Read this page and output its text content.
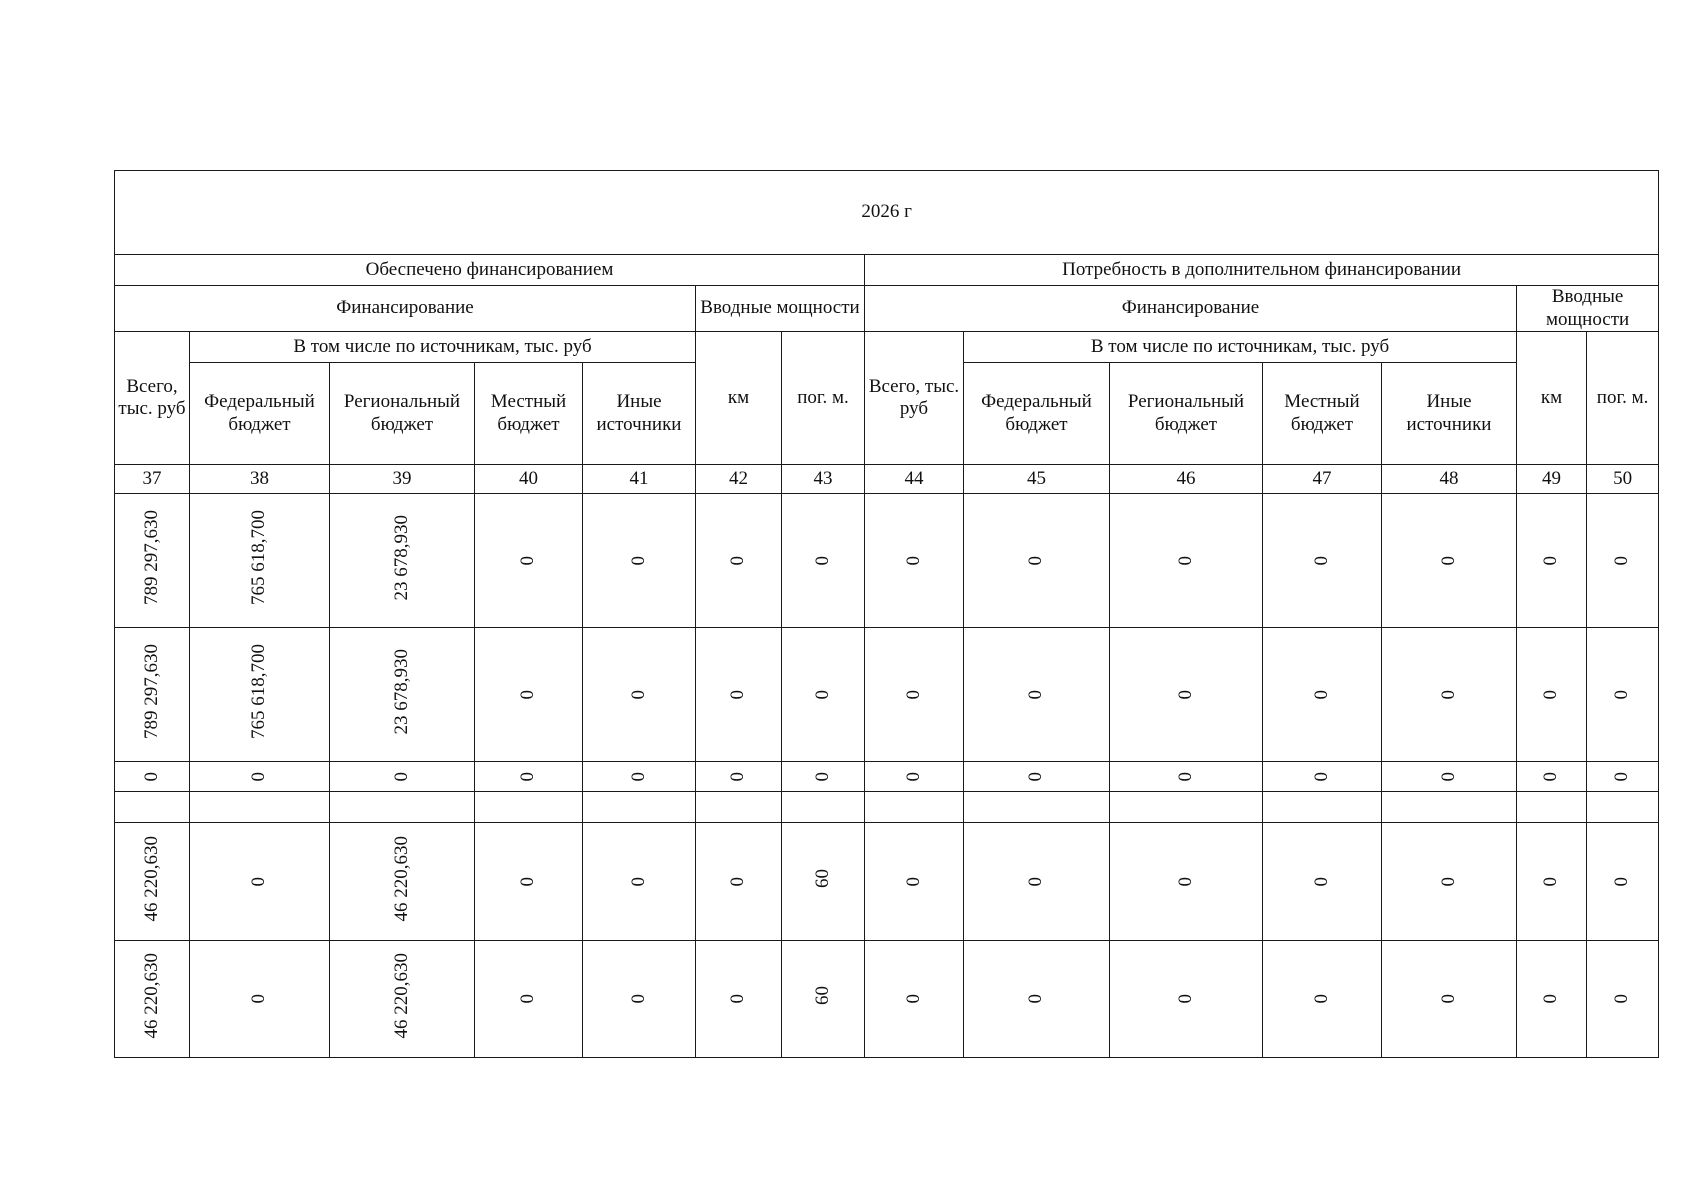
2026 г													
Обеспечено финансированием							Потребность в дополнительном финансировании						
Финансирование					Вводные мощности		Финансирование					Вводные мощности	
Всего, тыс. руб	В том числе по источникам, тыс. руб				км	пог. м.	Всего, тыс. руб	В том числе по источникам, тыс. руб				км	пог. м.
	Федеральный бюджет	Региональный бюджет	Местный бюджет	Иные источники				Федеральный бюджет	Региональный бюджет	Местный бюджет	Иные источники		
37	38	39	40	41	42	43	44	45	46	47	48	49	50
789 297,630	765 618,700	23 678,930	0	0	0	0	0	0	0	0	0	0	0
789 297,630	765 618,700	23 678,930	0	0	0	0	0	0	0	0	0	0	0
0	0	0	0	0	0	0	0	0	0	0	0	0	0

46 220,630	0	46 220,630	0	0	0	60	0	0	0	0	0	0	0
46 220,630	0	46 220,630	0	0	0	60	0	0	0	0	0	0	0
